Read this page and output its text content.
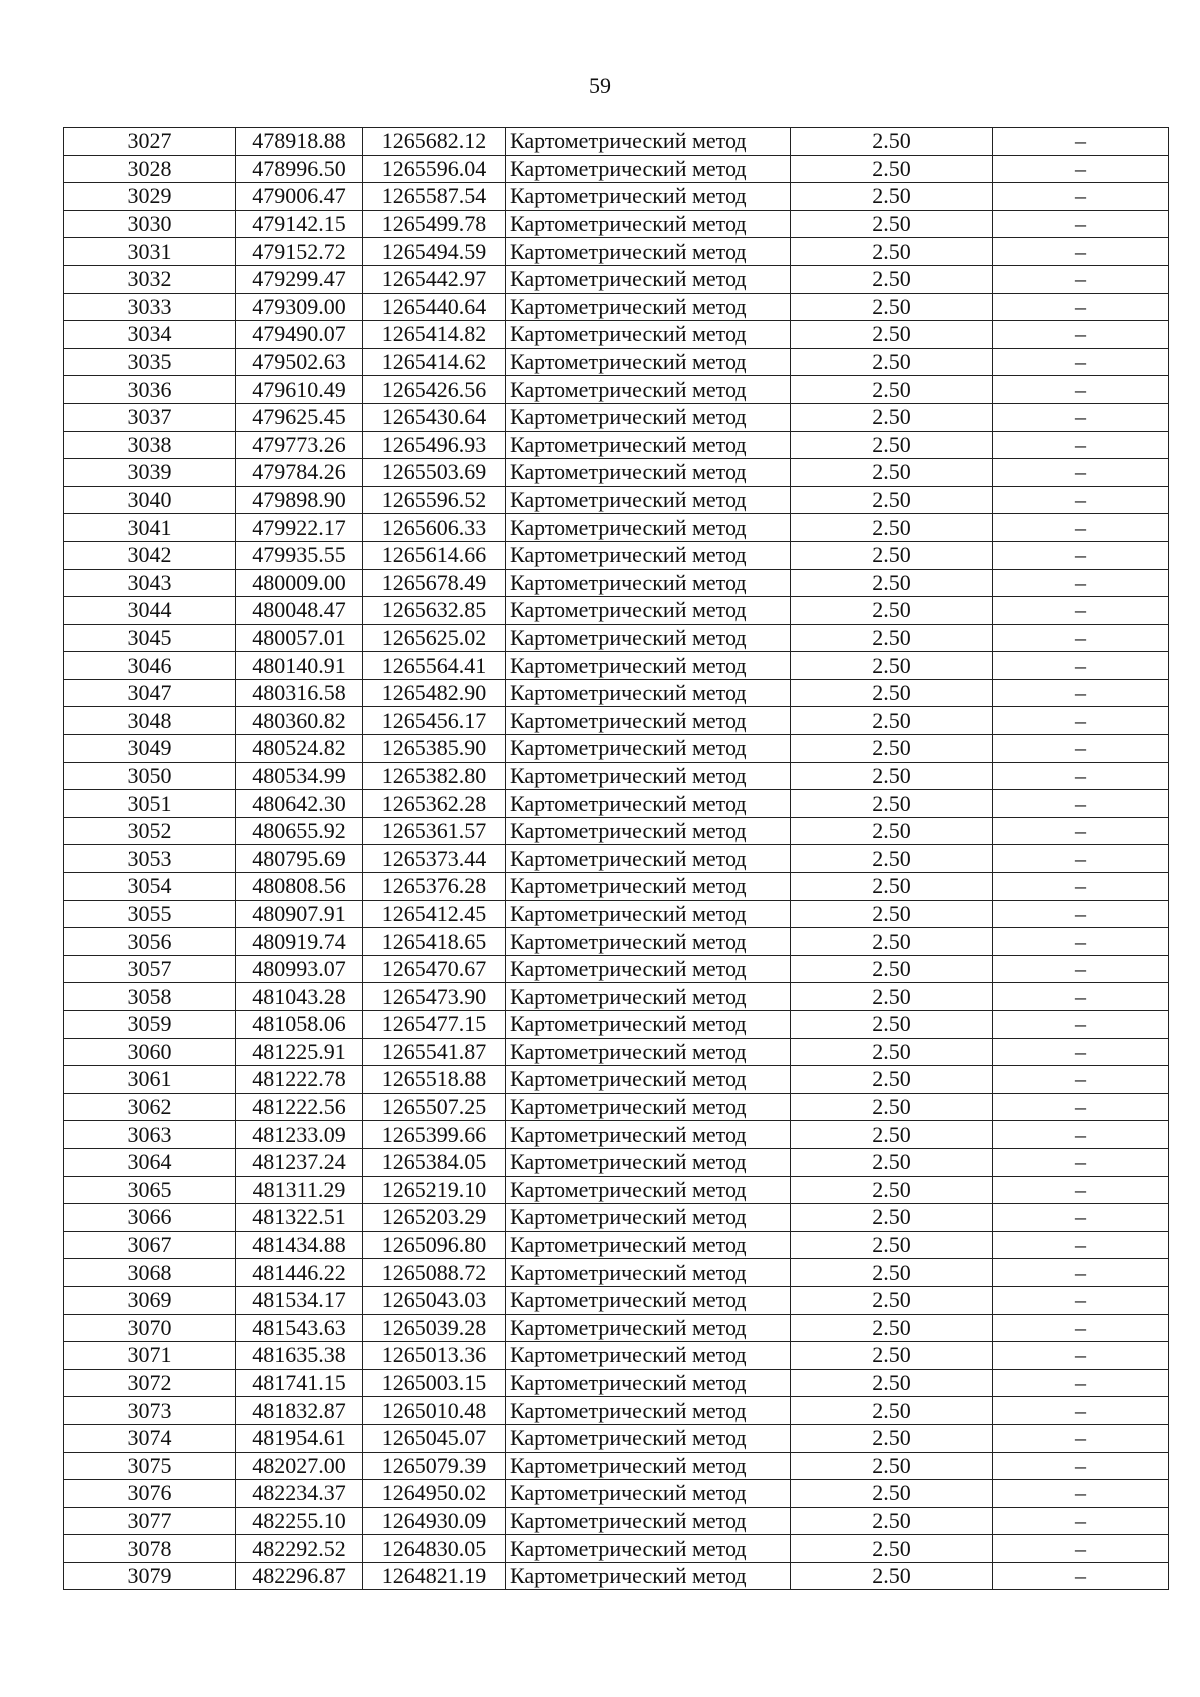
59
3027	478918.88	1265682.12	Картометрический метод	2.50	–
3028	478996.50	1265596.04	Картометрический метод	2.50	–
3029	479006.47	1265587.54	Картометрический метод	2.50	–
3030	479142.15	1265499.78	Картометрический метод	2.50	–
3031	479152.72	1265494.59	Картометрический метод	2.50	–
3032	479299.47	1265442.97	Картометрический метод	2.50	–
3033	479309.00	1265440.64	Картометрический метод	2.50	–
3034	479490.07	1265414.82	Картометрический метод	2.50	–
3035	479502.63	1265414.62	Картометрический метод	2.50	–
3036	479610.49	1265426.56	Картометрический метод	2.50	–
3037	479625.45	1265430.64	Картометрический метод	2.50	–
3038	479773.26	1265496.93	Картометрический метод	2.50	–
3039	479784.26	1265503.69	Картометрический метод	2.50	–
3040	479898.90	1265596.52	Картометрический метод	2.50	–
3041	479922.17	1265606.33	Картометрический метод	2.50	–
3042	479935.55	1265614.66	Картометрический метод	2.50	–
3043	480009.00	1265678.49	Картометрический метод	2.50	–
3044	480048.47	1265632.85	Картометрический метод	2.50	–
3045	480057.01	1265625.02	Картометрический метод	2.50	–
3046	480140.91	1265564.41	Картометрический метод	2.50	–
3047	480316.58	1265482.90	Картометрический метод	2.50	–
3048	480360.82	1265456.17	Картометрический метод	2.50	–
3049	480524.82	1265385.90	Картометрический метод	2.50	–
3050	480534.99	1265382.80	Картометрический метод	2.50	–
3051	480642.30	1265362.28	Картометрический метод	2.50	–
3052	480655.92	1265361.57	Картометрический метод	2.50	–
3053	480795.69	1265373.44	Картометрический метод	2.50	–
3054	480808.56	1265376.28	Картометрический метод	2.50	–
3055	480907.91	1265412.45	Картометрический метод	2.50	–
3056	480919.74	1265418.65	Картометрический метод	2.50	–
3057	480993.07	1265470.67	Картометрический метод	2.50	–
3058	481043.28	1265473.90	Картометрический метод	2.50	–
3059	481058.06	1265477.15	Картометрический метод	2.50	–
3060	481225.91	1265541.87	Картометрический метод	2.50	–
3061	481222.78	1265518.88	Картометрический метод	2.50	–
3062	481222.56	1265507.25	Картометрический метод	2.50	–
3063	481233.09	1265399.66	Картометрический метод	2.50	–
3064	481237.24	1265384.05	Картометрический метод	2.50	–
3065	481311.29	1265219.10	Картометрический метод	2.50	–
3066	481322.51	1265203.29	Картометрический метод	2.50	–
3067	481434.88	1265096.80	Картометрический метод	2.50	–
3068	481446.22	1265088.72	Картометрический метод	2.50	–
3069	481534.17	1265043.03	Картометрический метод	2.50	–
3070	481543.63	1265039.28	Картометрический метод	2.50	–
3071	481635.38	1265013.36	Картометрический метод	2.50	–
3072	481741.15	1265003.15	Картометрический метод	2.50	–
3073	481832.87	1265010.48	Картометрический метод	2.50	–
3074	481954.61	1265045.07	Картометрический метод	2.50	–
3075	482027.00	1265079.39	Картометрический метод	2.50	–
3076	482234.37	1264950.02	Картометрический метод	2.50	–
3077	482255.10	1264930.09	Картометрический метод	2.50	–
3078	482292.52	1264830.05	Картометрический метод	2.50	–
3079	482296.87	1264821.19	Картометрический метод	2.50	–
